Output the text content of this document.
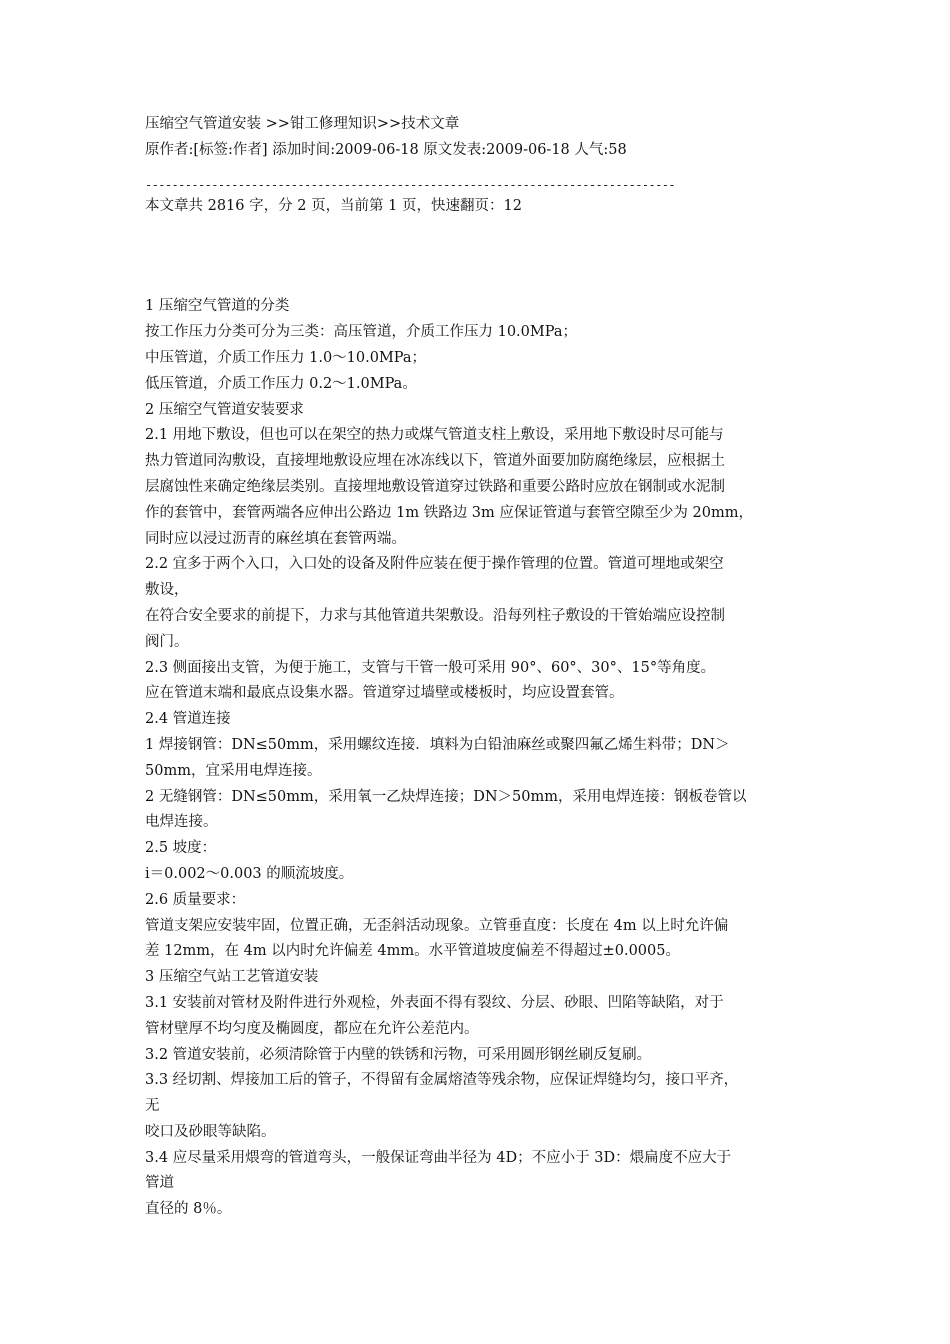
压缩空气管道安装 >>钳工修理知识>>技术文章
原作者:[标签:作者] 添加时间:2009-06-18 原文发表:2009-06-18 人气:58
--------------------------------------------------------------------------------
本文章共 2816 字，分 2 页，当前第 1 页，快速翻页：12
1 压缩空气管道的分类
按工作压力分类可分为三类：高压管道，介质工作压力 10.0MPa；
中压管道，介质工作压力 1.0～10.0MPa；
低压管道，介质工作压力 0.2～1.0MPa。
2 压缩空气管道安装要求
2.1 用地下敷设，但也可以在架空的热力或煤气管道支柱上敷设，采用地下敷设时尽可能与
热力管道同沟敷设，直接埋地敷设应埋在冰冻线以下，管道外面要加防腐绝缘层，应根据土
层腐蚀性来确定绝缘层类别。直接埋地敷设管道穿过铁路和重要公路时应放在钢制或水泥制
作的套管中，套管两端各应伸出公路边 1m 铁路边 3m 应保证管道与套管空隙至少为 20mm，
同时应以浸过沥青的麻丝填在套管两端。
2.2 宜多于两个入口，入口处的设备及附件应装在便于操作管理的位置。管道可埋地或架空
敷设，
在符合安全要求的前提下，力求与其他管道共架敷设。沿每列柱子敷设的干管始端应设控制
阀门。
2.3 侧面接出支管，为便于施工，支管与干管一般可采用 90°、60°、30°、15°等角度。
应在管道末端和最底点设集水器。管道穿过墙壁或楼板时，均应设置套管。
2.4 管道连接
1 焊接钢管：DN≤50mm，采用螺纹连接．填料为白铅油麻丝或聚四氟乙烯生料带；DN＞
50mm，宜采用电焊连接。
2 无缝钢管：DN≤50mm，采用氧一乙炔焊连接；DN＞50mm，采用电焊连接：钢板卷管以
电焊连接。
2.5 坡度：
i＝0.002～0.003 的顺流坡度。
2.6 质量要求：
管道支架应安装牢固，位置正确，无歪斜活动现象。立管垂直度：长度在 4m 以上时允许偏
差 12mm，在 4m 以内时允许偏差 4mm。水平管道坡度偏差不得超过±0.0005。
3 压缩空气站工艺管道安装
3.1 安装前对管材及附件进行外观检，外表面不得有裂纹、分层、砂眼、凹陷等缺陷，对于
管材壁厚不均匀度及椭圆度，都应在允许公差范内。
3.2 管道安装前，必须清除管于内壁的铁锈和污物，可采用圆形钢丝刷反复刷。
3.3 经切割、焊接加工后的管子，不得留有金属熔渣等残余物，应保证焊缝均匀，接口平齐，
无
咬口及砂眼等缺陷。
3.4 应尽量采用煨弯的管道弯头，一般保证弯曲半径为 4D；不应小于 3D：煨扁度不应大于
管道
直径的 8％。
